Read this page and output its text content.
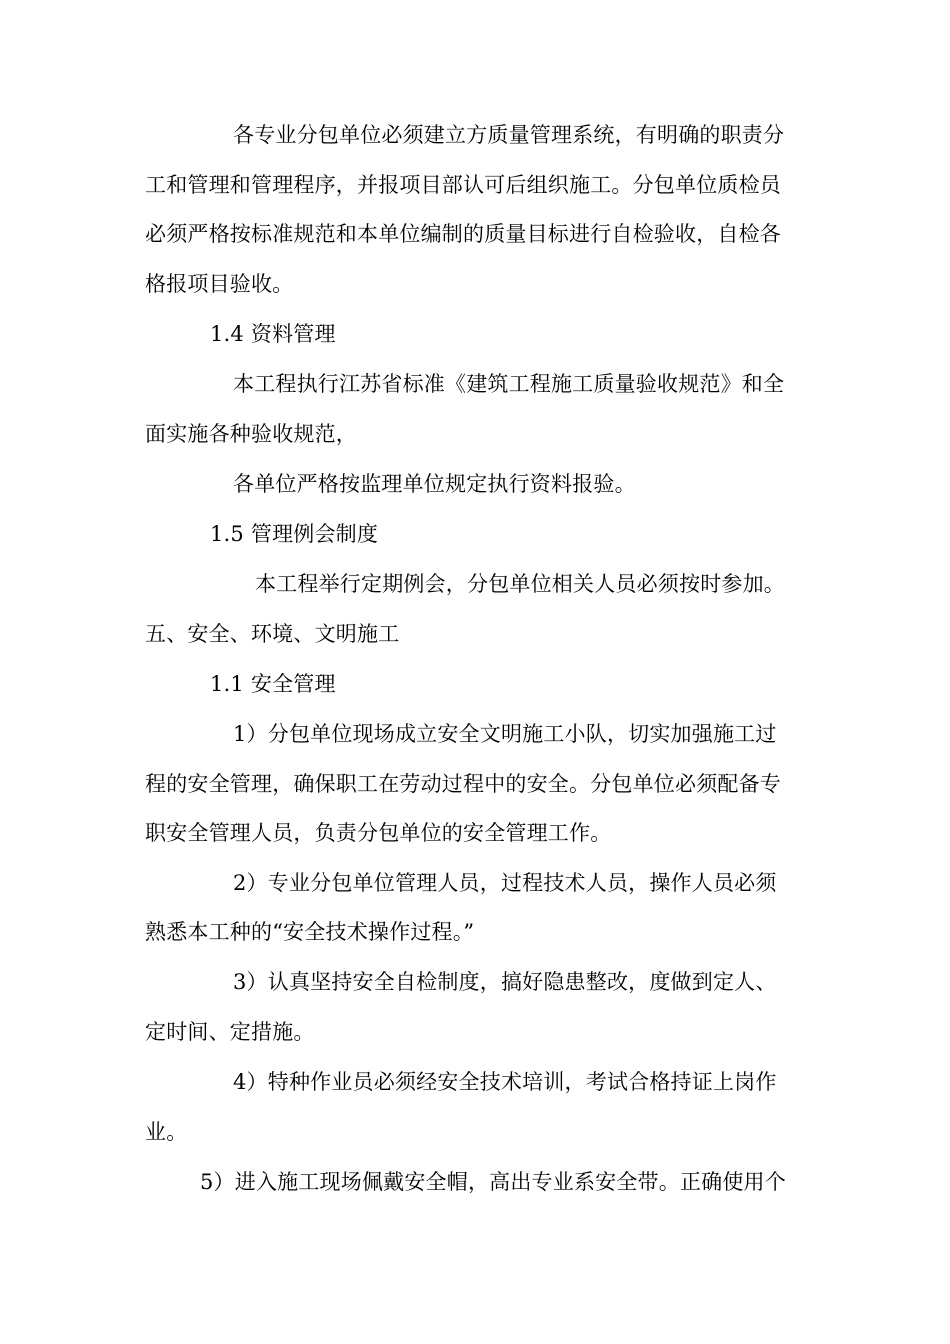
各专业分包单位必须建立方质量管理系统，有明确的职责分
工和管理和管理程序，并报项目部认可后组织施工。分包单位质检员
必须严格按标准规范和本单位编制的质量目标进行自检验收，自检各
格报项目验收。
1.4 资料管理
本工程执行江苏省标准《建筑工程施工质量验收规范》和全
面实施各种验收规范，
各单位严格按监理单位规定执行资料报验。
1.5 管理例会制度
本工程举行定期例会，分包单位相关人员必须按时参加。
五、安全、环境、文明施工
1.1 安全管理
1）分包单位现场成立安全文明施工小队，切实加强施工过
程的安全管理，确保职工在劳动过程中的安全。分包单位必须配备专
职安全管理人员，负责分包单位的安全管理工作。
2）专业分包单位管理人员，过程技术人员，操作人员必须
熟悉本工种的“安全技术操作过程。”
3）认真坚持安全自检制度，搞好隐患整改，度做到定人、
定时间、定措施。
4）特种作业员必须经安全技术培训，考试合格持证上岗作
业。
5）进入施工现场佩戴安全帽，高出专业系安全带。正确使用个
